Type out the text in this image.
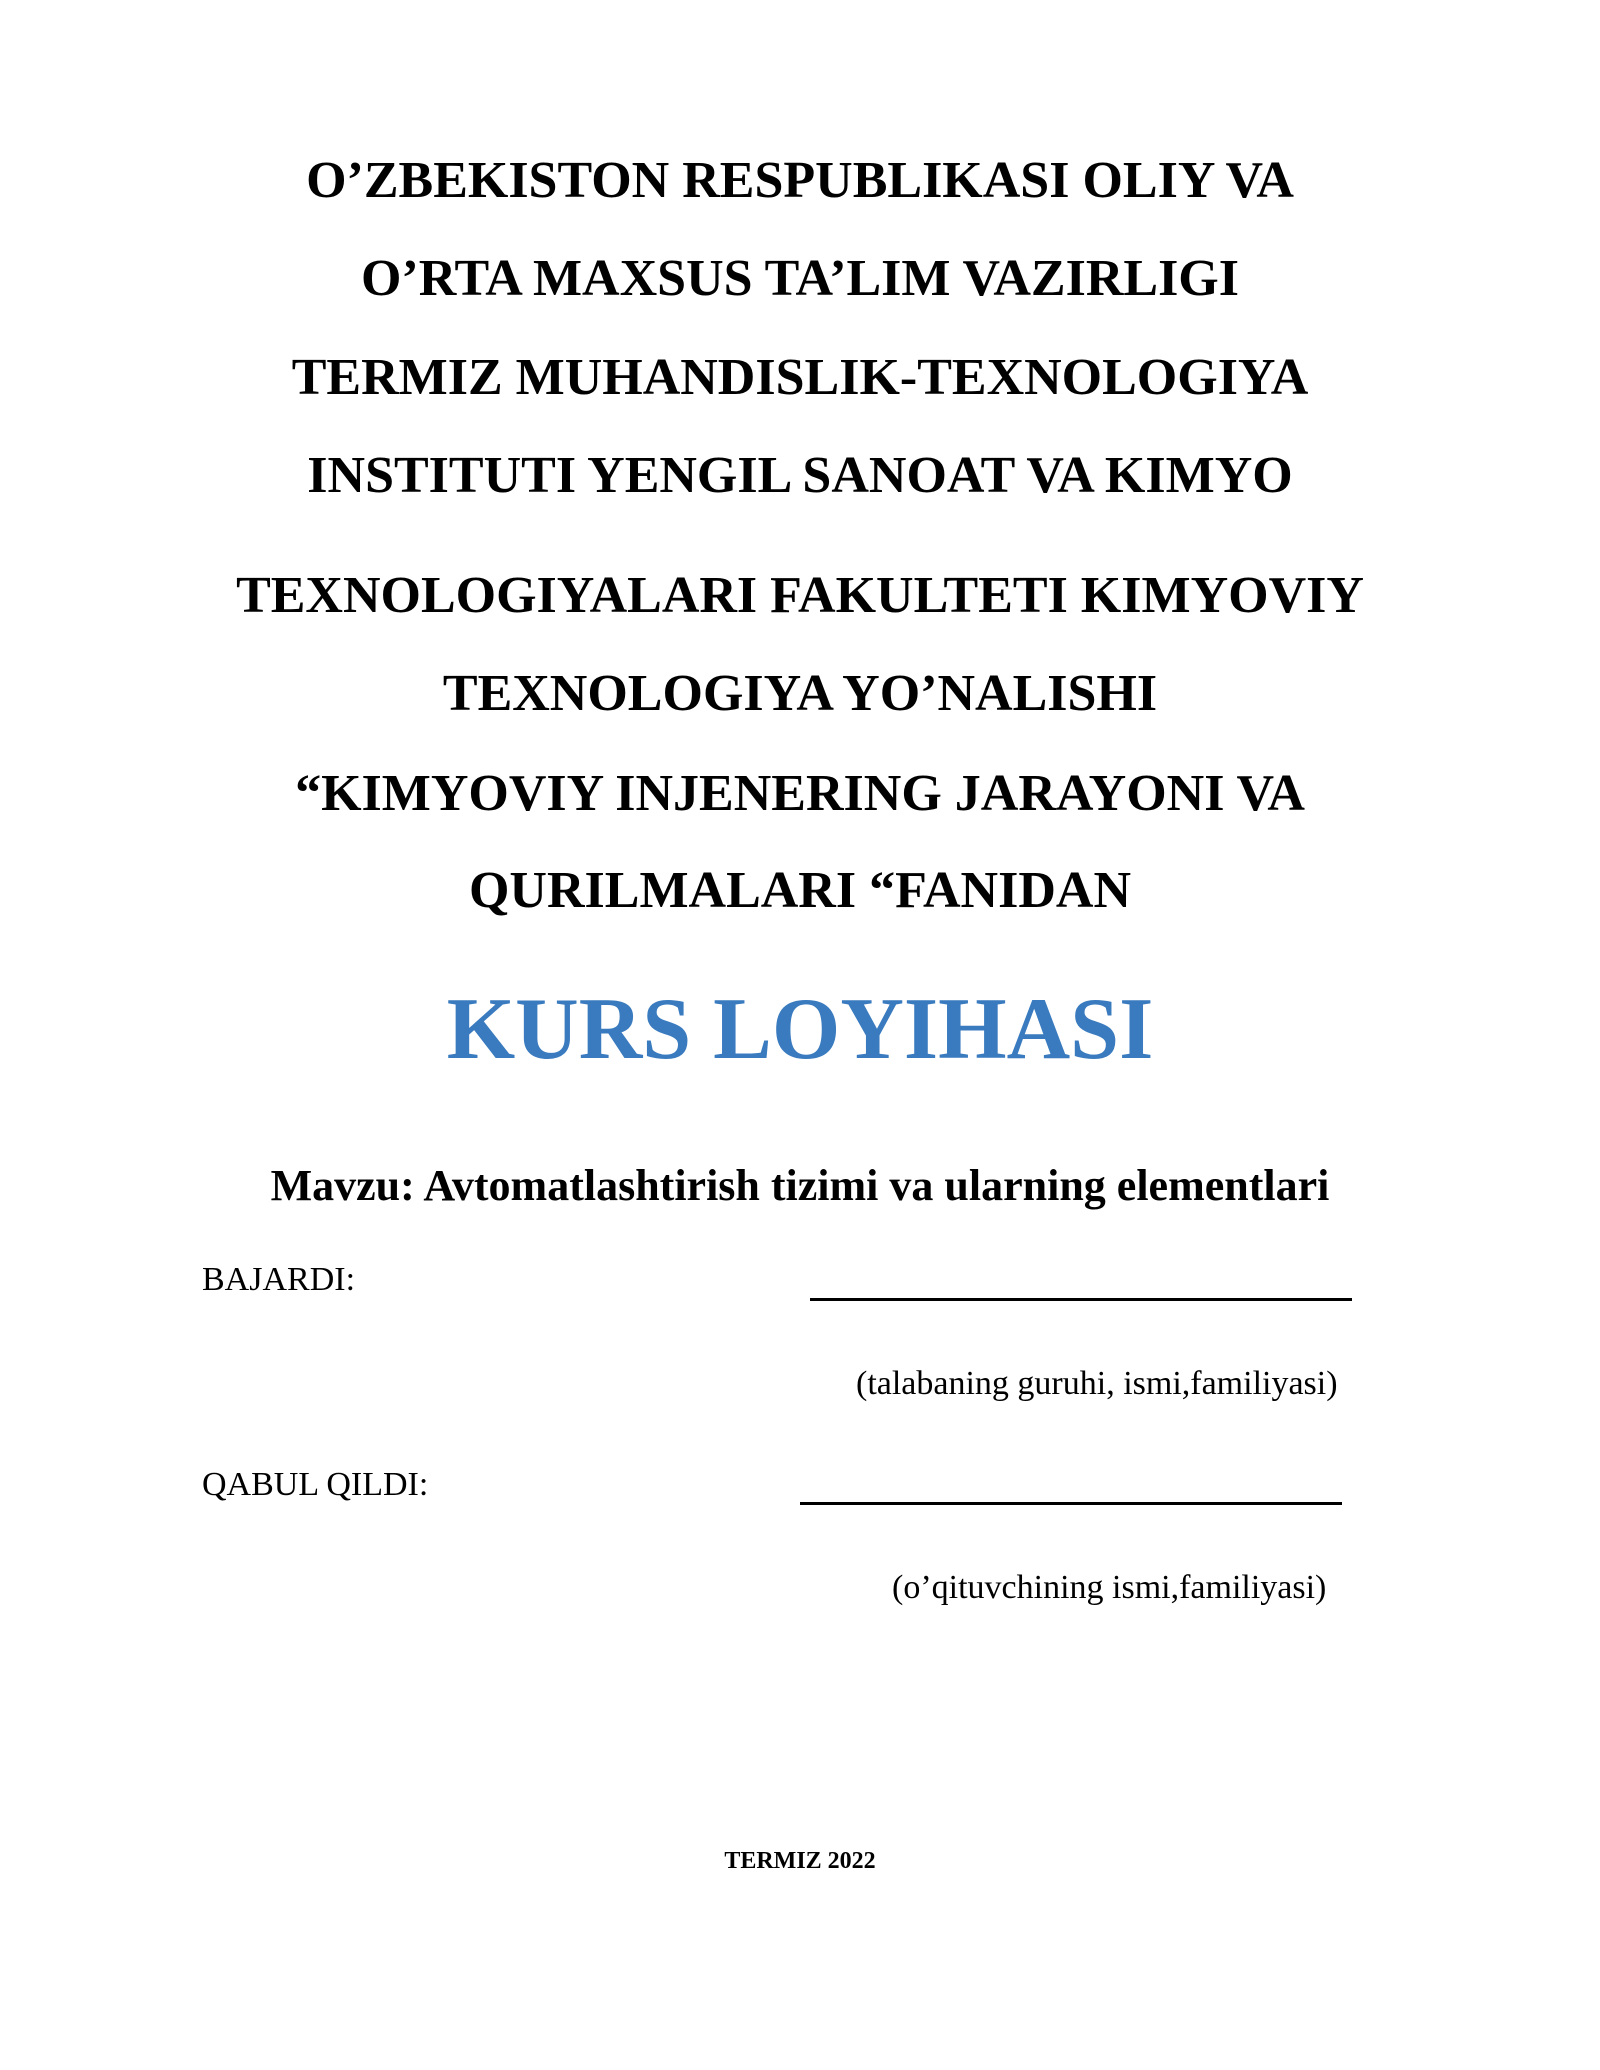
O’ZBEKISTON RESPUBLIKASI OLIY VA
O’RTA MAXSUS TA’LIM VAZIRLIGI
TERMIZ MUHANDISLIK-TEXNOLOGIYA
INSTITUTI YENGIL SANOAT VA KIMYO
TEXNOLOGIYALARI FAKULTETI KIMYOVIY
TEXNOLOGIYA YO’NALISHI
“KIMYOVIY INJENERING JARAYONI VA
QURILMALARI “FANIDAN
KURS LOYIHASI
Mavzu: Avtomatlashtirish tizimi va ularning elementlari
BAJARDI:
(talabaning guruhi, ismi,familiyasi)
QABUL QILDI:
(o’qituvchining ismi,familiyasi)
TERMIZ 2022
